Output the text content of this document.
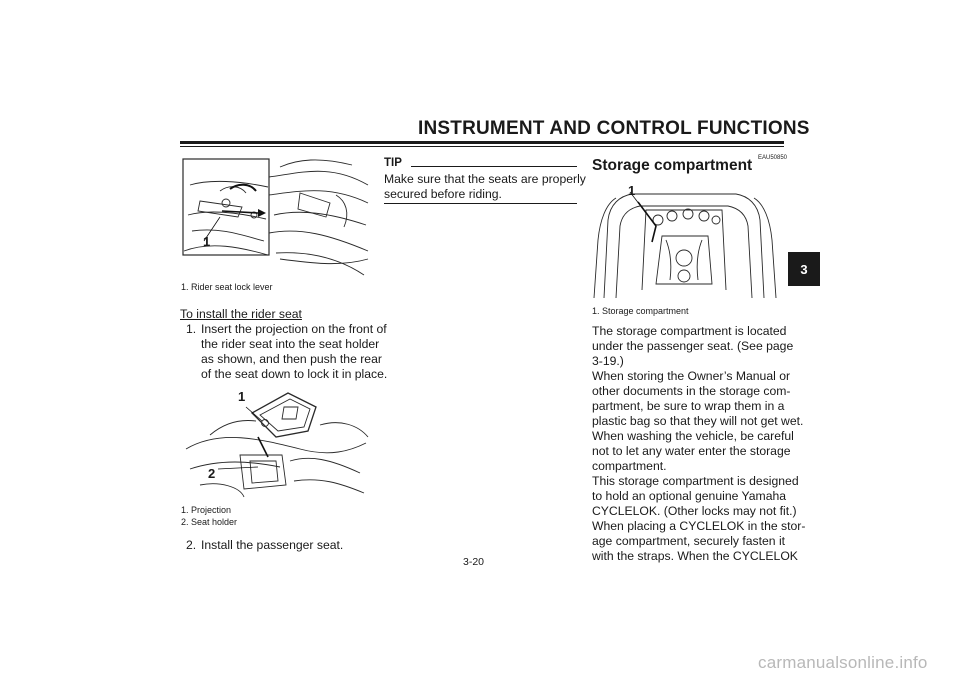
INSTRUMENT AND CONTROL FUNCTIONS
3
1
1. Rider seat lock lever
To install the rider seat
1. Insert the projection on the front of
the rider seat into the seat holder
as shown, and then push the rear
of the seat down to lock it in place.
1
2
1. Projection
2. Seat holder
2. Install the passenger seat.
TIP
Make sure that the seats are properly
secured before riding.
EAU50850
Storage compartment
1
1. Storage compartment
The storage compartment is located
under the passenger seat. (See page
3-19.)
When storing the Owner’s Manual or
other documents in the storage com-
partment, be sure to wrap them in a
plastic bag so that they will not get wet.
When washing the vehicle, be careful
not to let any water enter the storage
compartment.
This storage compartment is designed
to hold an optional genuine Yamaha
CYCLELOK. (Other locks may not fit.)
When placing a CYCLELOK in the stor-
age compartment, securely fasten it
with the straps. When the CYCLELOK
3-20
carmanualsonline.info
